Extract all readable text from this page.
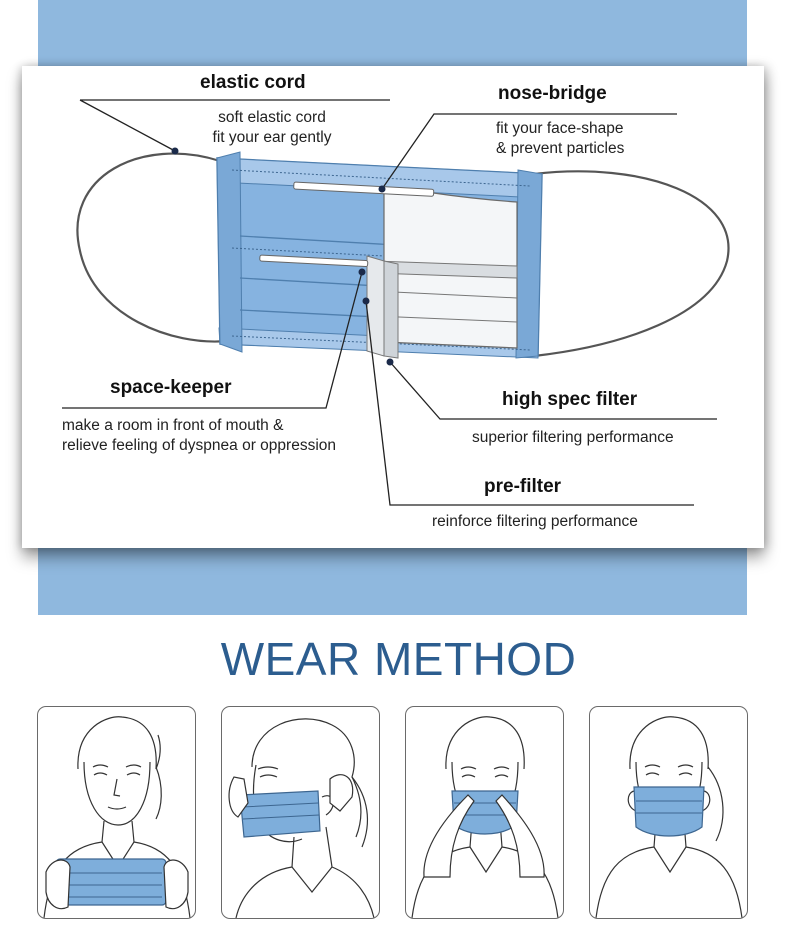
elastic cord
soft elastic cord
fit your ear gently
nose-bridge
fit your face-shape
& prevent particles
space-keeper
make a room in front of mouth &
relieve feeling of dyspnea or oppression
high spec filter
superior filtering performance
pre-filter
reinforce filtering performance
WEAR METHOD
